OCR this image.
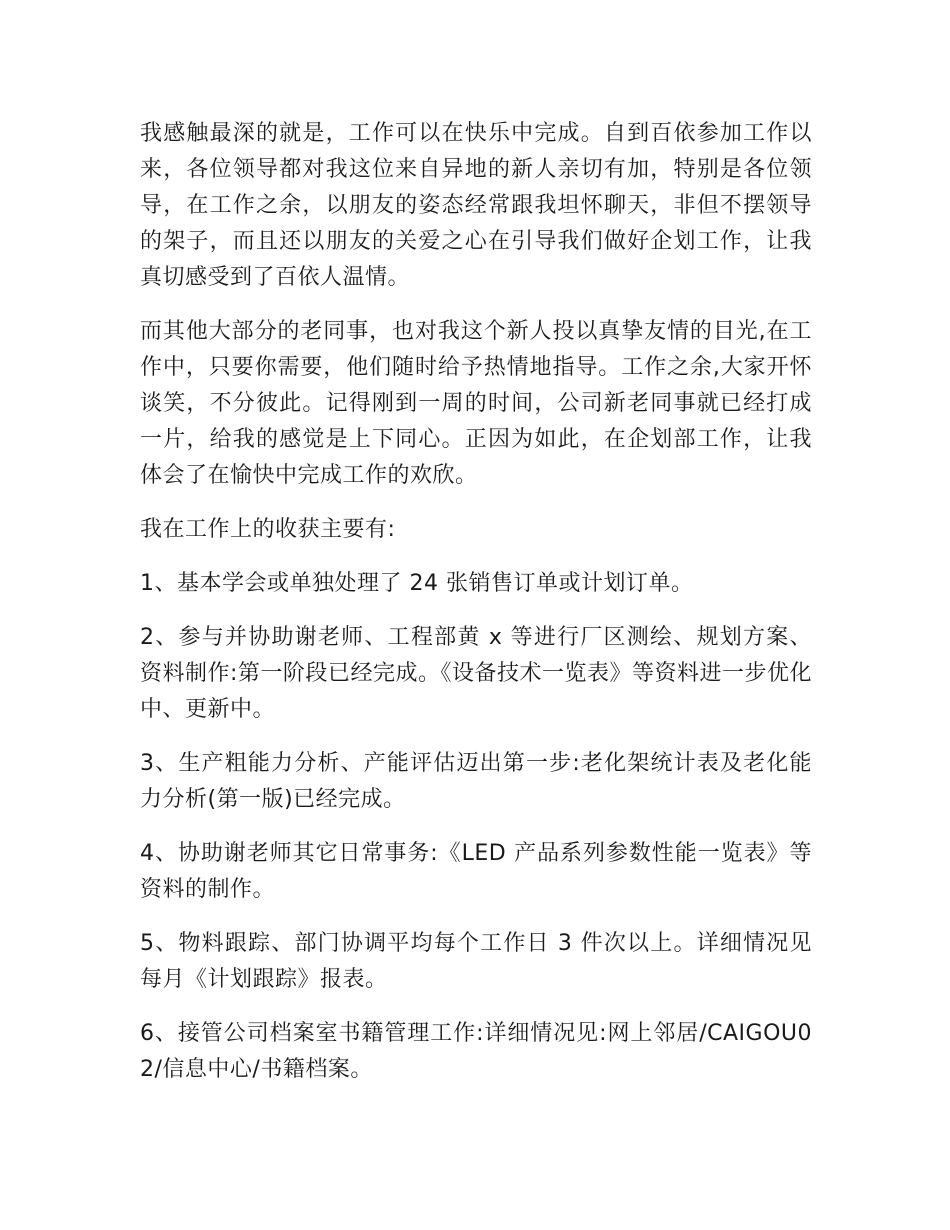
我感触最深的就是，工作可以在快乐中完成。自到百依参加工作以来，各位领导都对我这位来自异地的新人亲切有加，特别是各位领导，在工作之余，以朋友的姿态经常跟我坦怀聊天，非但不摆领导的架子，而且还以朋友的关爱之心在引导我们做好企划工作，让我真切感受到了百依人温情。

而其他大部分的老同事，也对我这个新人投以真挚友情的目光,在工作中，只要你需要，他们随时给予热情地指导。工作之余,大家开怀谈笑，不分彼此。记得刚到一周的时间，公司新老同事就已经打成一片，给我的感觉是上下同心。正因为如此，在企划部工作，让我体会了在愉快中完成工作的欢欣。

我在工作上的收获主要有:

1、基本学会或单独处理了 24 张销售订单或计划订单。

2、参与并协助谢老师、工程部黄 x 等进行厂区测绘、规划方案、资料制作:第一阶段已经完成。《设备技术一览表》等资料进一步优化中、更新中。

3、生产粗能力分析、产能评估迈出第一步:老化架统计表及老化能力分析(第一版)已经完成。

4、协助谢老师其它日常事务:《LED 产品系列参数性能一览表》等资料的制作。

5、物料跟踪、部门协调平均每个工作日 3 件次以上。详细情况见每月《计划跟踪》报表。

6、接管公司档案室书籍管理工作:详细情况见:网上邻居/CAIGOU02/信息中心/书籍档案。
